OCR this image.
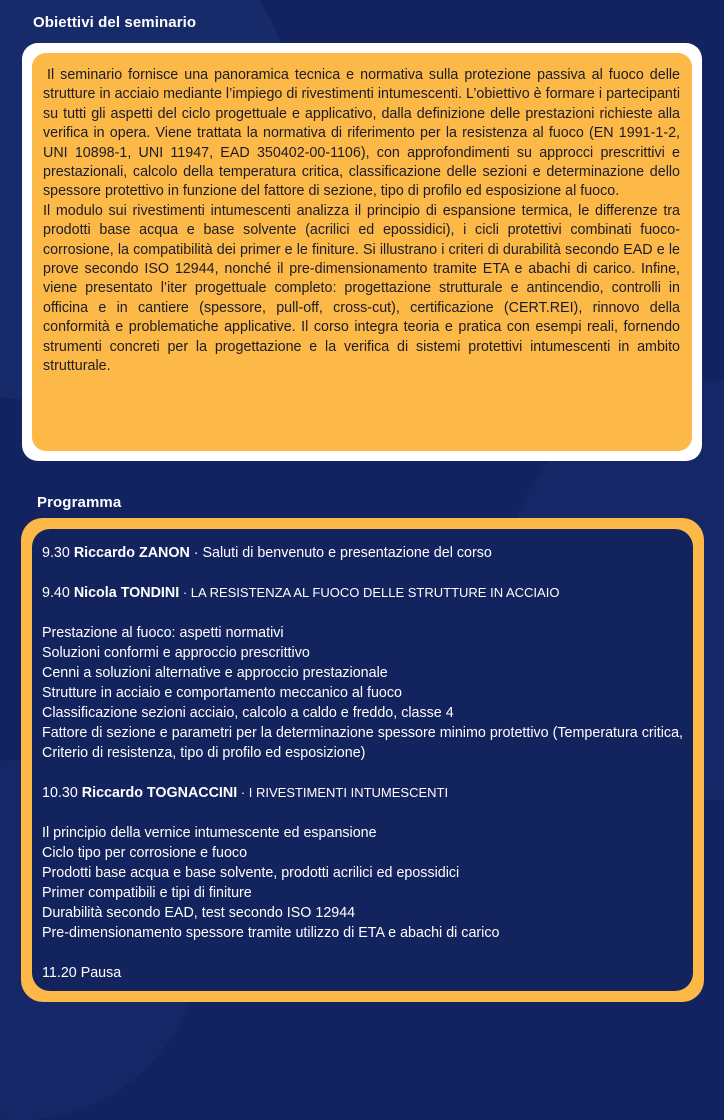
Obiettivi del seminario

Il seminario fornisce una panoramica tecnica e normativa sulla protezione passiva al fuoco delle strutture in acciaio mediante l’impiego di rivestimenti intumescenti. L’obiettivo è formare i partecipanti su tutti gli aspetti del ciclo progettuale e applicativo, dalla definizione delle prestazioni richieste alla verifica in opera. Viene trattata la normativa di riferimento per la resistenza al fuoco (EN 1991-1-2, UNI 10898-1, UNI 11947, EAD 350402-00-1106), con approfondimenti su approcci prescrittivi e prestazionali, calcolo della temperatura critica, classificazione delle sezioni e determinazione dello spessore protettivo in funzione del fattore di sezione, tipo di profilo ed esposizione al fuoco.

Il modulo sui rivestimenti intumescenti analizza il principio di espansione termica, le differenze tra prodotti base acqua e base solvente (acrilici ed epossidici), i cicli protettivi combinati fuoco-corrosione, la compatibilità dei primer e le finiture. Si illustrano i criteri di durabilità secondo EAD e le prove secondo ISO 12944, nonché il pre-dimensionamento tramite ETA e abachi di carico. Infine, viene presentato l’iter progettuale completo: progettazione strutturale e antincendio, controlli in officina e in cantiere (spessore, pull-off, cross-cut), certificazione (CERT.REI), rinnovo della conformità e problematiche applicative. Il corso integra teoria e pratica con esempi reali, fornendo strumenti concreti per la progettazione e la verifica di sistemi protettivi intumescenti in ambito strutturale.

Programma

9.30 Riccardo ZANON · Saluti di benvenuto e presentazione del corso

9.40 Nicola TONDINI · LA RESISTENZA AL FUOCO DELLE STRUTTURE IN ACCIAIO

Prestazione al fuoco: aspetti normativi

Soluzioni conformi e approccio prescrittivo

Cenni a soluzioni alternative e approccio prestazionale

Strutture in acciaio e comportamento meccanico al fuoco

Classificazione sezioni acciaio, calcolo a caldo e freddo, classe 4

Fattore di sezione e parametri per la determinazione spessore minimo protettivo (Temperatura critica, Criterio di resistenza, tipo di profilo ed esposizione)

10.30 Riccardo TOGNACCINI · I RIVESTIMENTI INTUMESCENTI

Il principio della vernice intumescente ed espansione

Ciclo tipo per corrosione e fuoco

Prodotti base acqua e base solvente, prodotti acrilici ed epossidici

Primer compatibili e tipi di finiture

Durabilità secondo EAD, test secondo ISO 12944

Pre-dimensionamento spessore tramite utilizzo di ETA e abachi di carico

11.20 Pausa
